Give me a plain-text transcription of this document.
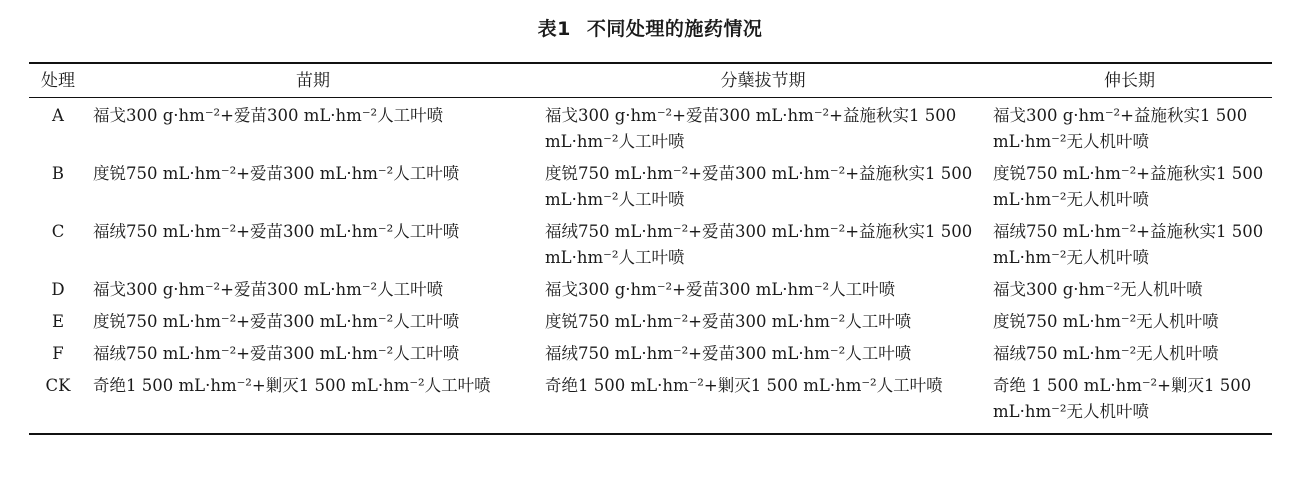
表1 不同处理的施药情况
处理	苗期	分蘖拔节期	伸长期
A	福戈300 g·hm⁻²+爱苗300 mL·hm⁻²人工叶喷	福戈300 g·hm⁻²+爱苗300 mL·hm⁻²+益施秋实1 500 mL·hm⁻²人工叶喷	福戈300 g·hm⁻²+益施秋实1 500 mL·hm⁻²无人机叶喷
B	度锐750 mL·hm⁻²+爱苗300 mL·hm⁻²人工叶喷	度锐750 mL·hm⁻²+爱苗300 mL·hm⁻²+益施秋实1 500 mL·hm⁻²人工叶喷	度锐750 mL·hm⁻²+益施秋实1 500 mL·hm⁻²无人机叶喷
C	福绒750 mL·hm⁻²+爱苗300 mL·hm⁻²人工叶喷	福绒750 mL·hm⁻²+爱苗300 mL·hm⁻²+益施秋实1 500 mL·hm⁻²人工叶喷	福绒750 mL·hm⁻²+益施秋实1 500 mL·hm⁻²无人机叶喷
D	福戈300 g·hm⁻²+爱苗300 mL·hm⁻²人工叶喷	福戈300 g·hm⁻²+爱苗300 mL·hm⁻²人工叶喷	福戈300 g·hm⁻²无人机叶喷
E	度锐750 mL·hm⁻²+爱苗300 mL·hm⁻²人工叶喷	度锐750 mL·hm⁻²+爱苗300 mL·hm⁻²人工叶喷	度锐750 mL·hm⁻²无人机叶喷
F	福绒750 mL·hm⁻²+爱苗300 mL·hm⁻²人工叶喷	福绒750 mL·hm⁻²+爱苗300 mL·hm⁻²人工叶喷	福绒750 mL·hm⁻²无人机叶喷
CK	奇绝1 500 mL·hm⁻²+剿灭1 500 mL·hm⁻²人工叶喷	奇绝1 500 mL·hm⁻²+剿灭1 500 mL·hm⁻²人工叶喷	奇绝 1 500 mL·hm⁻²+剿灭1 500 mL·hm⁻²无人机叶喷
